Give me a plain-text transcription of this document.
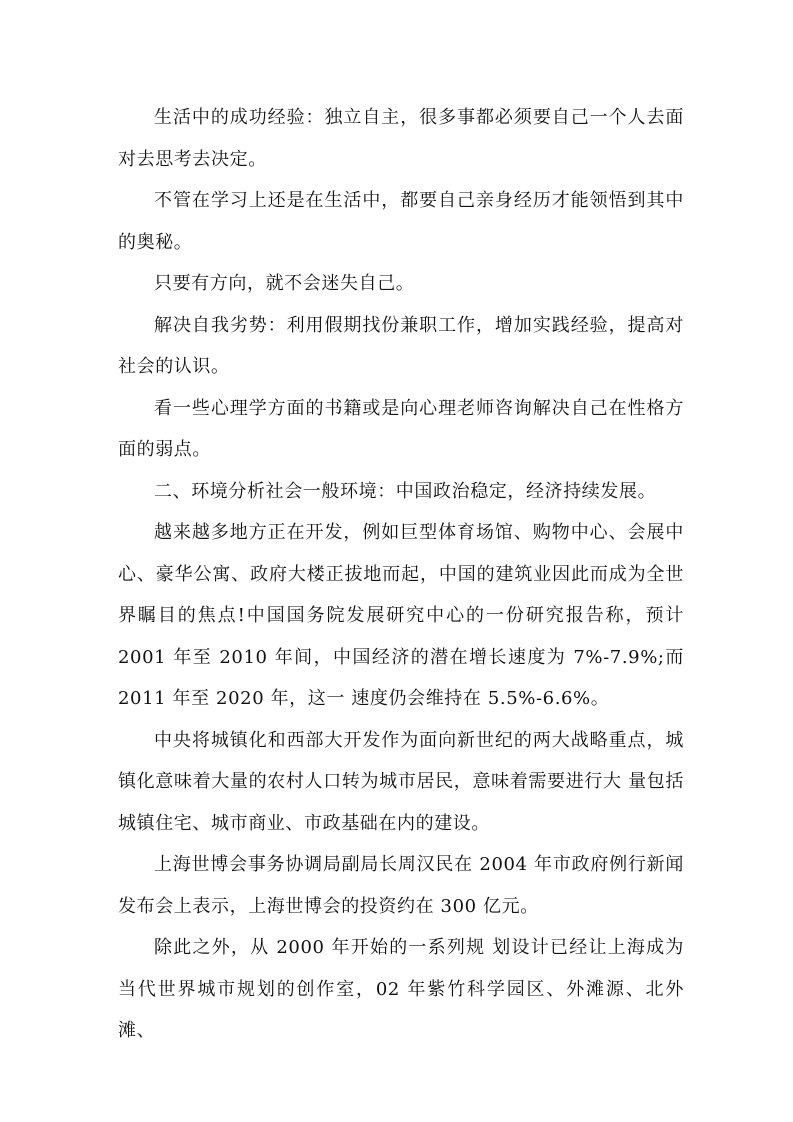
生活中的成功经验：独立自主，很多事都必须要自己一个人去面对去思考去决定。

不管在学习上还是在生活中，都要自己亲身经历才能领悟到其中的奥秘。

只要有方向，就不会迷失自己。

解决自我劣势：利用假期找份兼职工作，增加实践经验，提高对社会的认识。

看一些心理学方面的书籍或是向心理老师咨询解决自己在性格方面的弱点。

二、环境分析社会一般环境：中国政治稳定，经济持续发展。

越来越多地方正在开发，例如巨型体育场馆、购物中心、会展中心、豪华公寓、政府大楼正拔地而起，中国的建筑业因此而成为全世界瞩目的焦点!中国国务院发展研究中心的一份研究报告称，预计 2001 年至 2010 年间，中国经济的潜在增长速度为 7%-7.9%;而 2011 年至 2020 年，这一 速度仍会维持在 5.5%-6.6%。

中央将城镇化和西部大开发作为面向新世纪的两大战略重点，城镇化意味着大量的农村人口转为城市居民，意味着需要进行大 量包括城镇住宅、城市商业、市政基础在内的建设。

上海世博会事务协调局副局长周汉民在 2004 年市政府例行新闻发布会上表示，上海世博会的投资约在 300 亿元。

除此之外，从 2000 年开始的一系列规 划设计已经让上海成为当代世界城市规划的创作室，02 年紫竹科学园区、外滩源、北外滩、
